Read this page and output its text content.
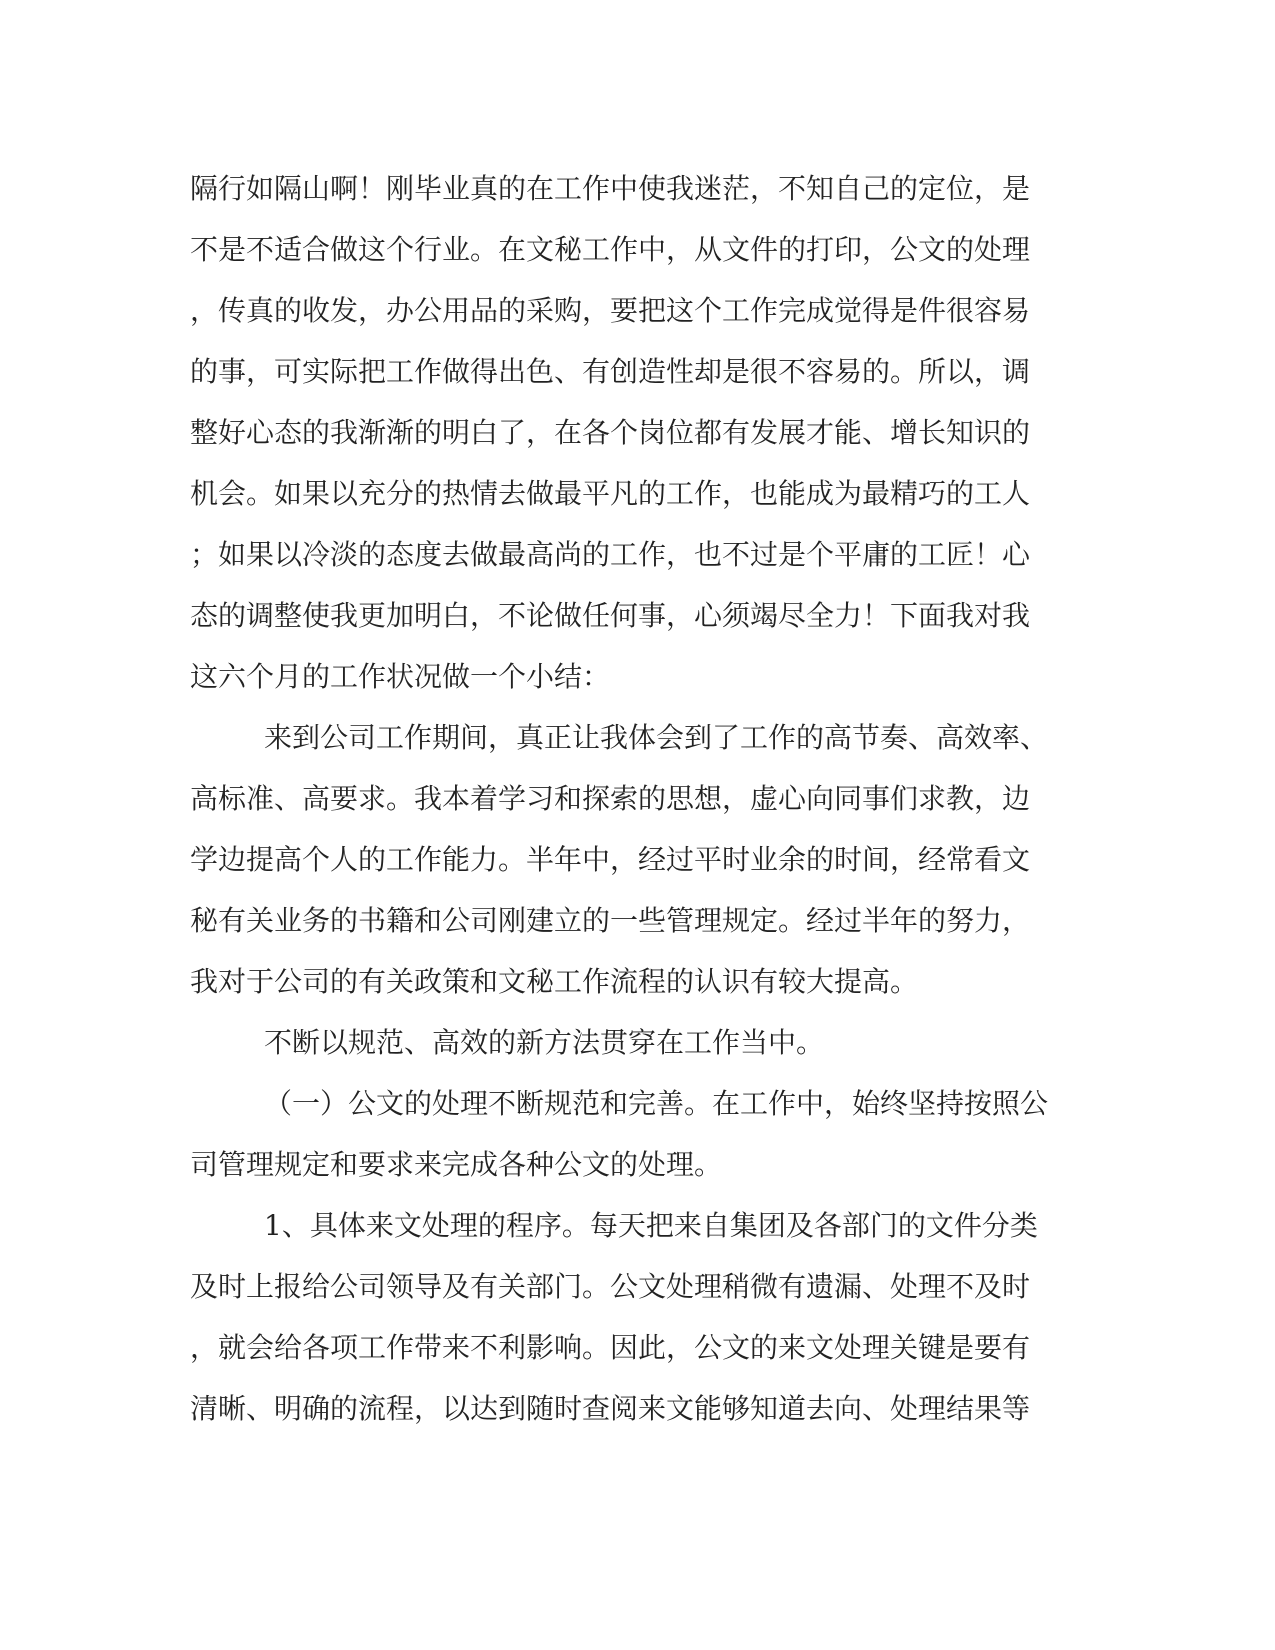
隔行如隔山啊！刚毕业真的在工作中使我迷茫，不知自己的定位，是
不是不适合做这个行业。在文秘工作中，从文件的打印，公文的处理
，传真的收发，办公用品的采购，要把这个工作完成觉得是件很容易
的事，可实际把工作做得出色、有创造性却是很不容易的。所以，调
整好心态的我渐渐的明白了，在各个岗位都有发展才能、增长知识的
机会。如果以充分的热情去做最平凡的工作，也能成为最精巧的工人
；如果以冷淡的态度去做最高尚的工作，也不过是个平庸的工匠！心
态的调整使我更加明白，不论做任何事，心须竭尽全力！下面我对我
这六个月的工作状况做一个小结：
来到公司工作期间，真正让我体会到了工作的高节奏、高效率、
高标准、高要求。我本着学习和探索的思想，虚心向同事们求教，边
学边提高个人的工作能力。半年中，经过平时业余的时间，经常看文
秘有关业务的书籍和公司刚建立的一些管理规定。经过半年的努力，
我对于公司的有关政策和文秘工作流程的认识有较大提高。
不断以规范、高效的新方法贯穿在工作当中。
（一）公文的处理不断规范和完善。在工作中，始终坚持按照公
司管理规定和要求来完成各种公文的处理。
1、具体来文处理的程序。每天把来自集团及各部门的文件分类
及时上报给公司领导及有关部门。公文处理稍微有遗漏、处理不及时
，就会给各项工作带来不利影响。因此，公文的来文处理关键是要有
清晰、明确的流程，以达到随时查阅来文能够知道去向、处理结果等
